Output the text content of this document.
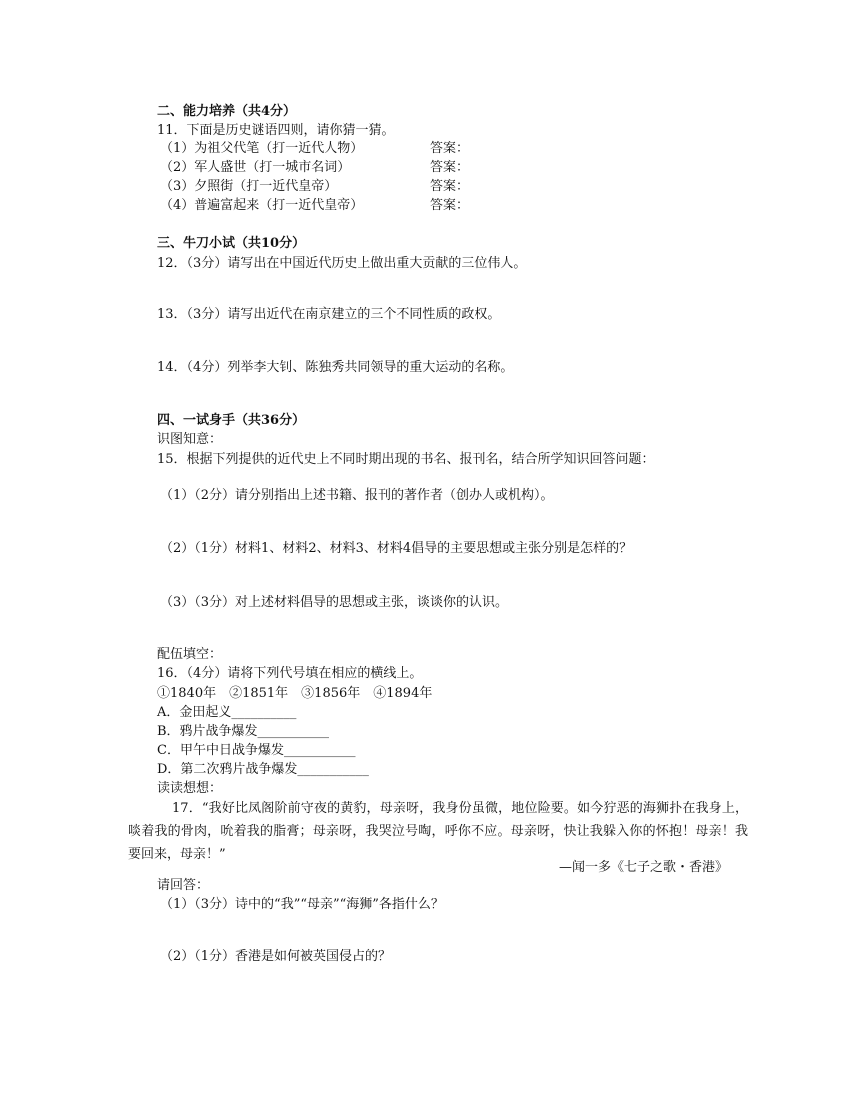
二、能力培养（共4分）
11．下面是历史谜语四则，请你猜一猜。
（1）为祖父代笔（打一近代人物）	答案：
（2）军人盛世（打一城市名词）	答案：
（3）夕照街（打一近代皇帝）	答案：
（4）普遍富起来（打一近代皇帝）	答案：
三、牛刀小试（共10分）
12．（3分）请写出在中国近代历史上做出重大贡献的三位伟人。
13．（3分）请写出近代在南京建立的三个不同性质的政权。
14．（4分）列举李大钊、陈独秀共同领导的重大运动的名称。
四、一试身手（共36分）
识图知意：
15．根据下列提供的近代史上不同时期出现的书名、报刊名，结合所学知识回答问题：
（1）（2分）请分别指出上述书籍、报刊的著作者（创办人或机构）。
（2）（1分）材料1、材料2、材料3、材料4倡导的主要思想或主张分别是怎样的？
（3）（3分）对上述材料倡导的思想或主张，谈谈你的认识。
配伍填空：
16．（4分）请将下列代号填在相应的横线上。
①1840年　②1851年　③1856年　④1894年
A．金田起义__________
B．鸦片战争爆发___________
C．甲午中日战争爆发___________
D．第二次鸦片战争爆发___________
读读想想：
17．“我好比凤阁阶前守夜的黄豹，母亲呀，我身份虽微，地位险要。如今狞恶的海狮扑在我身上，啖着我的骨肉，吮着我的脂膏；母亲呀，我哭泣号啕，呼你不应。母亲呀，快让我躲入你的怀抱！母亲！我要回来，母亲！”
—闻一多《七子之歌・香港》
请回答：
（1）（3分）诗中的“我”“母亲”“海狮”各指什么？
（2）（1分）香港是如何被英国侵占的？
